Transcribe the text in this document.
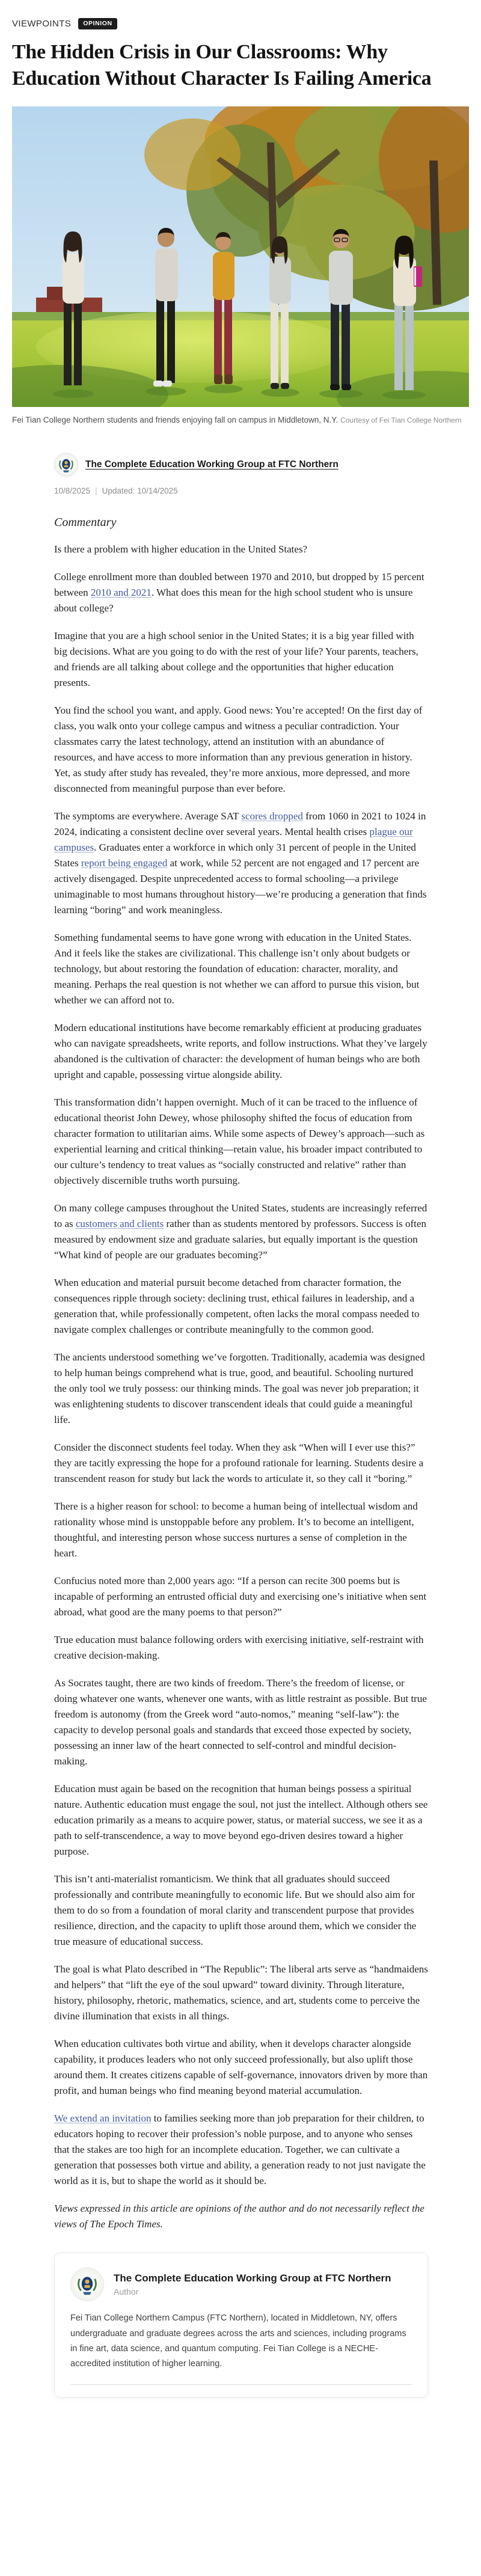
VIEWPOINTS	OPINION
The Hidden Crisis in Our Classrooms: Why Education Without Character Is Failing America
Fei Tian College Northern students and friends enjoying fall on campus in Middletown, N.Y. Courtesy of Fei Tian College Northern
The Complete Education Working Group at FTC Northern
10/8/2025 | Updated: 10/14/2025
Commentary

Is there a problem with higher education in the United States?

College enrollment more than doubled between 1970 and 2010, but dropped by 15 percent between 2010 and 2021. What does this mean for the high school student who is unsure about college?

Imagine that you are a high school senior in the United States; it is a big year filled with big decisions. What are you going to do with the rest of your life? Your parents, teachers, and friends are all talking about college and the opportunities that higher education presents.

You find the school you want, and apply. Good news: You’re accepted! On the first day of class, you walk onto your college campus and witness a peculiar contradiction. Your classmates carry the latest technology, attend an institution with an abundance of resources, and have access to more information than any previous generation in history. Yet, as study after study has revealed, they’re more anxious, more depressed, and more disconnected from meaningful purpose than ever before.

The symptoms are everywhere. Average SAT scores dropped from 1060 in 2021 to 1024 in 2024, indicating a consistent decline over several years. Mental health crises plague our campuses. Graduates enter a workforce in which only 31 percent of people in the United States report being engaged at work, while 52 percent are not engaged and 17 percent are actively disengaged. Despite unprecedented access to formal schooling—a privilege unimaginable to most humans throughout history—we’re producing a generation that finds learning “boring” and work meaningless.

Something fundamental seems to have gone wrong with education in the United States. And it feels like the stakes are civilizational. This challenge isn’t only about budgets or technology, but about restoring the foundation of education: character, morality, and meaning. Perhaps the real question is not whether we can afford to pursue this vision, but whether we can afford not to.

Modern educational institutions have become remarkably efficient at producing graduates who can navigate spreadsheets, write reports, and follow instructions. What they’ve largely abandoned is the cultivation of character: the development of human beings who are both upright and capable, possessing virtue alongside ability.

This transformation didn’t happen overnight. Much of it can be traced to the influence of educational theorist John Dewey, whose philosophy shifted the focus of education from character formation to utilitarian aims. While some aspects of Dewey’s approach—such as experiential learning and critical thinking—retain value, his broader impact contributed to our culture’s tendency to treat values as “socially constructed and relative” rather than objectively discernible truths worth pursuing.

On many college campuses throughout the United States, students are increasingly referred to as customers and clients rather than as students mentored by professors. Success is often measured by endowment size and graduate salaries, but equally important is the question “What kind of people are our graduates becoming?”

When education and material pursuit become detached from character formation, the consequences ripple through society: declining trust, ethical failures in leadership, and a generation that, while professionally competent, often lacks the moral compass needed to navigate complex challenges or contribute meaningfully to the common good.

The ancients understood something we’ve forgotten. Traditionally, academia was designed to help human beings comprehend what is true, good, and beautiful. Schooling nurtured the only tool we truly possess: our thinking minds. The goal was never job preparation; it was enlightening students to discover transcendent ideals that could guide a meaningful life.

Consider the disconnect students feel today. When they ask “When will I ever use this?” they are tacitly expressing the hope for a profound rationale for learning. Students desire a transcendent reason for study but lack the words to articulate it, so they call it “boring.”

There is a higher reason for school: to become a human being of intellectual wisdom and rationality whose mind is unstoppable before any problem. It’s to become an intelligent, thoughtful, and interesting person whose success nurtures a sense of completion in the heart.

Confucius noted more than 2,000 years ago: “If a person can recite 300 poems but is incapable of performing an entrusted official duty and exercising one’s initiative when sent abroad, what good are the many poems to that person?”

True education must balance following orders with exercising initiative, self-restraint with creative decision-making.

As Socrates taught, there are two kinds of freedom. There’s the freedom of license, or doing whatever one wants, whenever one wants, with as little restraint as possible. But true freedom is autonomy (from the Greek word “auto-nomos,” meaning “self-law”): the capacity to develop personal goals and standards that exceed those expected by society, possessing an inner law of the heart connected to self-control and mindful decision-making.

Education must again be based on the recognition that human beings possess a spiritual nature. Authentic education must engage the soul, not just the intellect. Although others see education primarily as a means to acquire power, status, or material success, we see it as a path to self-transcendence, a way to move beyond ego-driven desires toward a higher purpose.

This isn’t anti-materialist romanticism. We think that all graduates should succeed professionally and contribute meaningfully to economic life. But we should also aim for them to do so from a foundation of moral clarity and transcendent purpose that provides resilience, direction, and the capacity to uplift those around them, which we consider the true measure of educational success.

The goal is what Plato described in “The Republic”: The liberal arts serve as “handmaidens and helpers” that “lift the eye of the soul upward” toward divinity. Through literature, history, philosophy, rhetoric, mathematics, science, and art, students come to perceive the divine illumination that exists in all things.

When education cultivates both virtue and ability, when it develops character alongside capability, it produces leaders who not only succeed professionally, but also uplift those around them. It creates citizens capable of self-governance, innovators driven by more than profit, and human beings who find meaning beyond material accumulation.

We extend an invitation to families seeking more than job preparation for their children, to educators hoping to recover their profession’s noble purpose, and to anyone who senses that the stakes are too high for an incomplete education. Together, we can cultivate a generation that possesses both virtue and ability, a generation ready to not just navigate the world as it is, but to shape the world as it should be.

Views expressed in this article are opinions of the author and do not necessarily reflect the views of The Epoch Times.

The Complete Education Working Group at FTC Northern
Author
Fei Tian College Northern Campus (FTC Northern), located in Middletown, NY, offers undergraduate and graduate degrees across the arts and sciences, including programs in fine art, data science, and quantum computing. Fei Tian College is a NECHE-accredited institution of higher learning.
